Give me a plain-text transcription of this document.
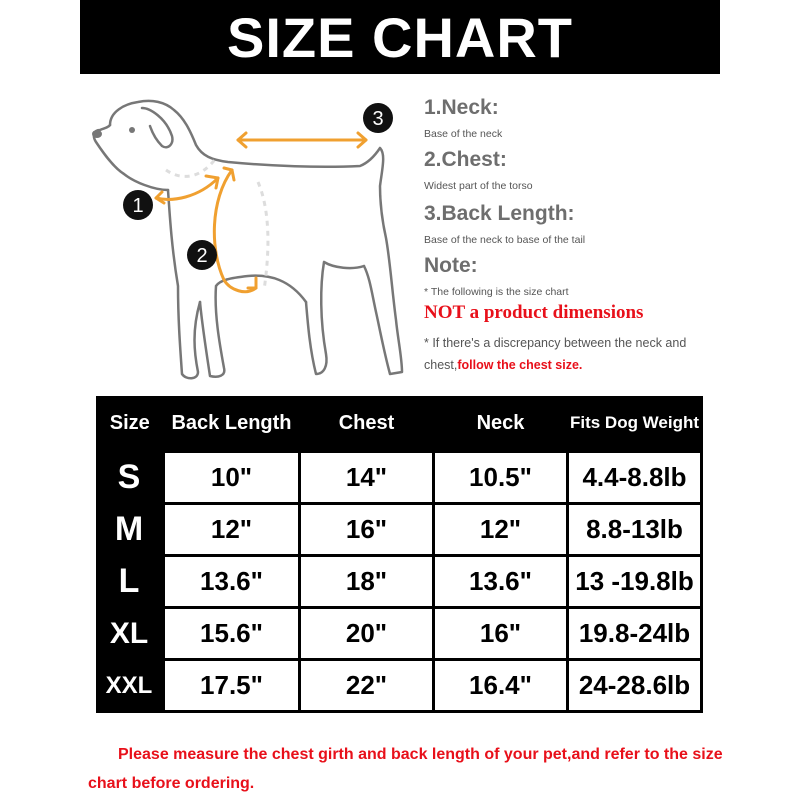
SIZE CHART
1
2
3 1.Neck:
Base of the neck
2.Chest:
Widest part of the torso
3.Back Length:
Base of the neck to base of the tail
Note:
* The following is the size chart
NOT a product dimensions
* If there's a discrepancy between the neck and chest,follow the chest size.
Size	Back Length	Chest	Neck	Fits Dog Weight
S	10"	14"	10.5"	4.4-8.8lb
M	12"	16"	12"	8.8-13lb
L	13.6"	18"	13.6"	13 -19.8lb
XL	15.6"	20"	16"	19.8-24lb
XXL	17.5"	22"	16.4"	24-28.6lb
Please measure the chest girth and back length of your pet,and refer to the size chart before ordering.
